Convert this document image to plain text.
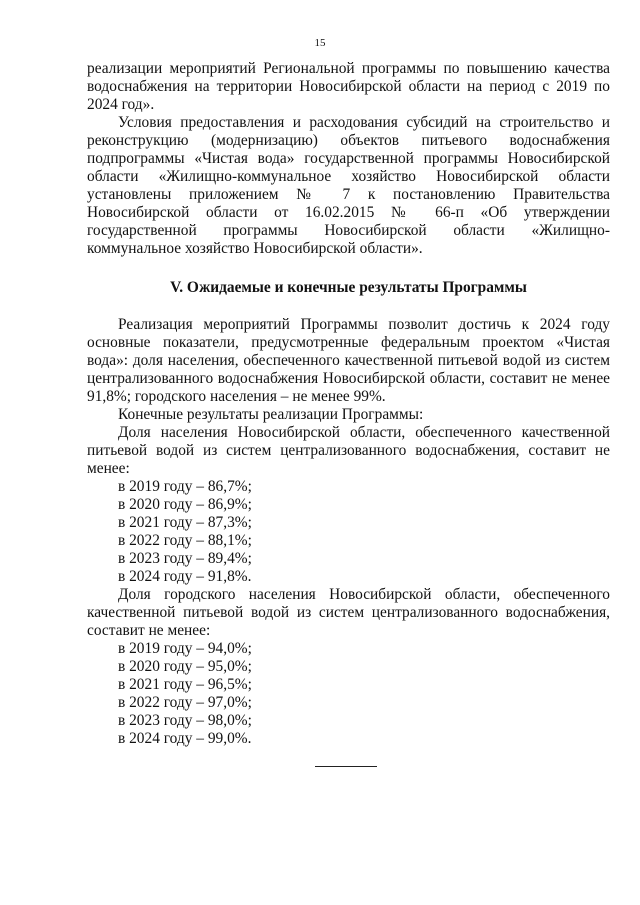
15

реализации мероприятий Региональной программы по повышению качества водоснабжения на территории Новосибирской области на период с 2019 по 2024 год».

Условия предоставления и расходования субсидий на строительство и реконструкцию (модернизацию) объектов питьевого водоснабжения подпрограммы «Чистая вода» государственной программы Новосибирской области «Жилищно-коммунальное хозяйство Новосибирской области установлены приложением № 7 к постановлению Правительства Новосибирской области от 16.02.2015 № 66-п «Об утверждении государственной программы Новосибирской области «Жилищно-коммунальное хозяйство Новосибирской области».

V. Ожидаемые и конечные результаты Программы

Реализация мероприятий Программы позволит достичь к 2024 году основные показатели, предусмотренные федеральным проектом «Чистая вода»: доля населения, обеспеченного качественной питьевой водой из систем централизованного водоснабжения Новосибирской области, составит не менее 91,8%; городского населения – не менее 99%.

Конечные результаты реализации Программы:

Доля населения Новосибирской области, обеспеченного качественной питьевой водой из систем централизованного водоснабжения, составит не менее:

в 2019 году – 86,7%;
в 2020 году – 86,9%;
в 2021 году – 87,3%;
в 2022 году – 88,1%;
в 2023 году – 89,4%;
в 2024 году – 91,8%.

Доля городского населения Новосибирской области, обеспеченного качественной питьевой водой из систем централизованного водоснабжения, составит не менее:

в 2019 году – 94,0%;
в 2020 году – 95,0%;
в 2021 году – 96,5%;
в 2022 году – 97,0%;
в 2023 году – 98,0%;
в 2024 году – 99,0%.
